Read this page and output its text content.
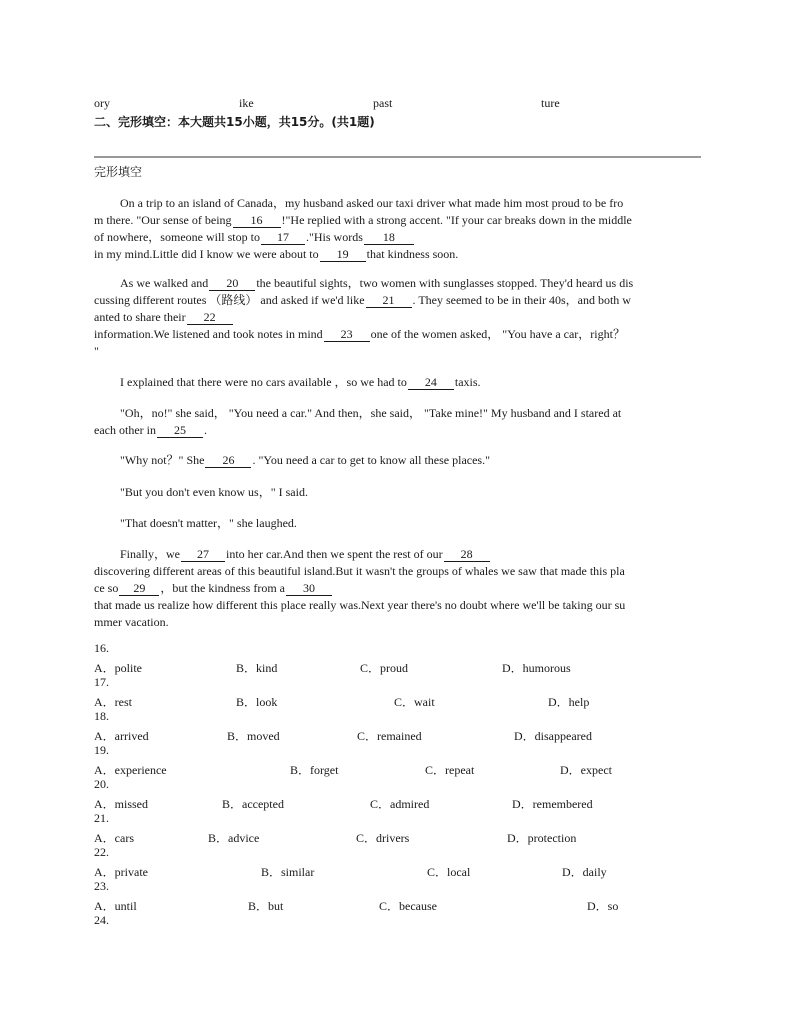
ory	ike	past	ture
二、完形填空：本大题共15小题，共15分。(共1题)
完形填空
On a trip to an island of Canada，my husband asked our taxi driver what made him most proud to be fro
m there. "Our sense of being 16 !"He replied with a strong accent. "If your car breaks down in the middle
of nowhere，someone will stop to 17 ."His words 18
in my mind.Little did I know we were about to 19 that kindness soon.
As we walked and 20 the beautiful sights，two women with sunglasses stopped. They'd heard us dis
cussing different routes （路线） and asked if we'd like 21 . They seemed to be in their 40s，and both w
anted to share their 22
information.We listened and took notes in mind 23 one of the women asked， "You have a car，right？
"
I explained that there were no cars available ，so we had to 24 taxis.
"Oh，no!" she said， "You need a car." And then，she said， "Take mine!" My husband and I stared at
each other in 25 .
"Why not？" She 26 . "You need a car to get to know all these places."
"But you don't even know us，" I said.
"That doesn't matter，" she laughed.
Finally，we 27 into her car.And then we spent the rest of our 28
discovering different areas of this beautiful island.But it wasn't the groups of whales we saw that made this pla
ce so 29 ，but the kindness from a 30
that made us realize how different this place really was.Next year there's no doubt where we'll be taking our su
mmer vacation.
16.
A．polite	B．kind	C．proud	D．humorous
17.
A．rest	B．look	C．wait	D．help
18.
A．arrived	B．moved	C．remained	D．disappeared
19.
A．experience	B．forget	C．repeat	D．expect
20.
A．missed	B．accepted	C．admired	D．remembered
21.
A．cars	B．advice	C．drivers	D．protection
22.
A．private	B．similar	C．local	D．daily
23.
A．until	B．but	C．because	D．so
24.
